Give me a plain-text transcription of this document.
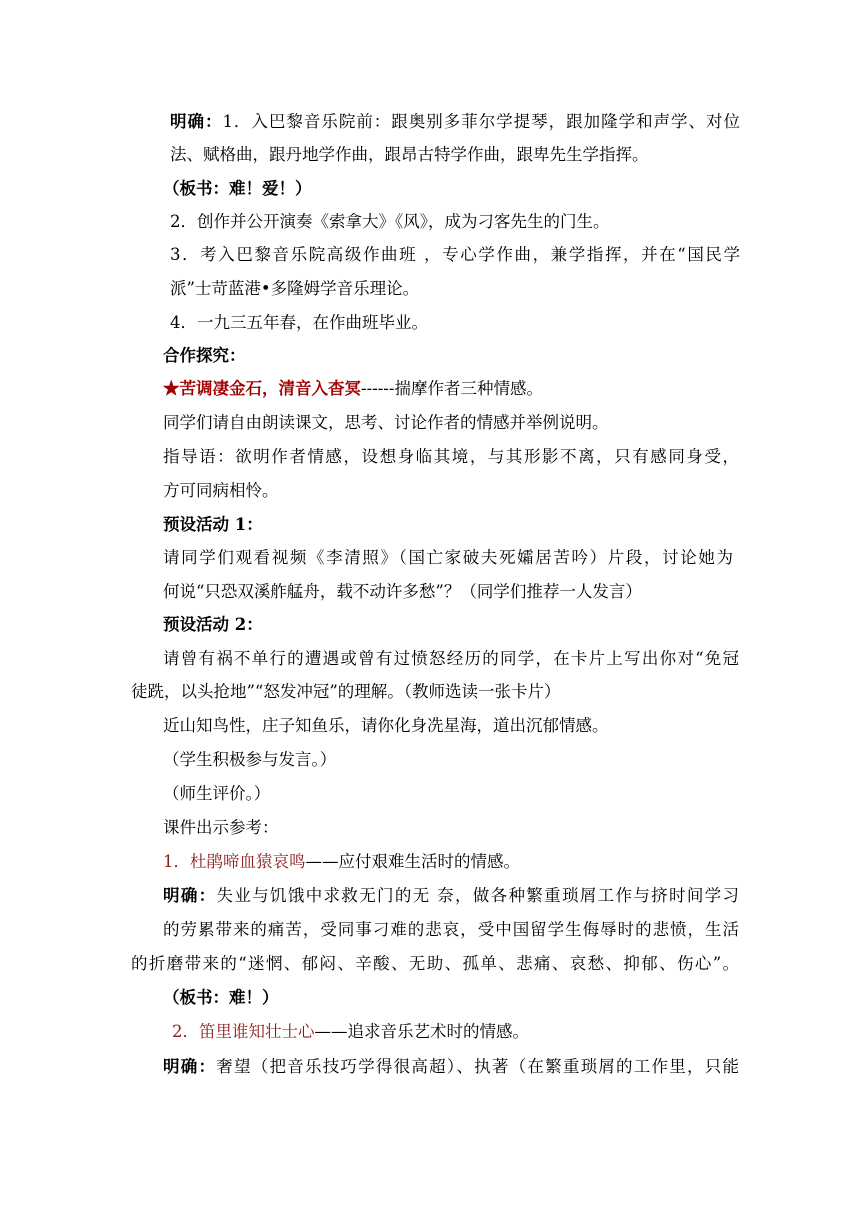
明确：1．入巴黎音乐院前：跟奥别多菲尔学提琴，跟加隆学和声学、对位
法、赋格曲，跟丹地学作曲，跟昂古特学作曲，跟卑先生学指挥。
（板书：难！爱！）
2．创作并公开演奏《索拿大》《风》，成为刁客先生的门生。
3．考入巴黎音乐院高级作曲班 ，专心学作曲，兼学指挥，并在“国民学
派”士苛蓝港•多隆姆学音乐理论。
4．一九三五年春，在作曲班毕业。
合作探究：
★苦调凄金石，清音入杳冥------揣摩作者三种情感。
同学们请自由朗读课文，思考、讨论作者的情感并举例说明。
指导语：欲明作者情感，设想身临其境，与其形影不离，只有感同身受，
方可同病相怜。
预设活动 1：
请同学们观看视频《李清照》（国亡家破夫死孀居苦吟）片段，讨论她为
何说“只恐双溪舴艋舟，载不动许多愁”？（同学们推荐一人发言）
预设活动 2：
请曾有祸不单行的遭遇或曾有过愤怒经历的同学，在卡片上写出你对“免冠
徒跣，以头抢地”“怒发冲冠”的理解。（教师选读一张卡片）
近山知鸟性，庄子知鱼乐，请你化身冼星海，道出沉郁情感。
（学生积极参与发言。）
（师生评价。）
课件出示参考：
1．杜鹃啼血猿哀鸣——应付艰难生活时的情感。
明确：失业与饥饿中求救无门的无 奈，做各种繁重琐屑工作与挤时间学习
的劳累带来的痛苦，受同事刁难的悲哀，受中国留学生侮辱时的悲愤，生活
的折磨带来的“迷惘、郁闷、辛酸、无助、孤单、悲痛、哀愁、抑郁、伤心”。
（板书：难！）
2．笛里谁知壮士心——追求音乐艺术时的情感。
明确：奢望（把音乐技巧学得很高超）、执著（在繁重琐屑的工作里，只能
